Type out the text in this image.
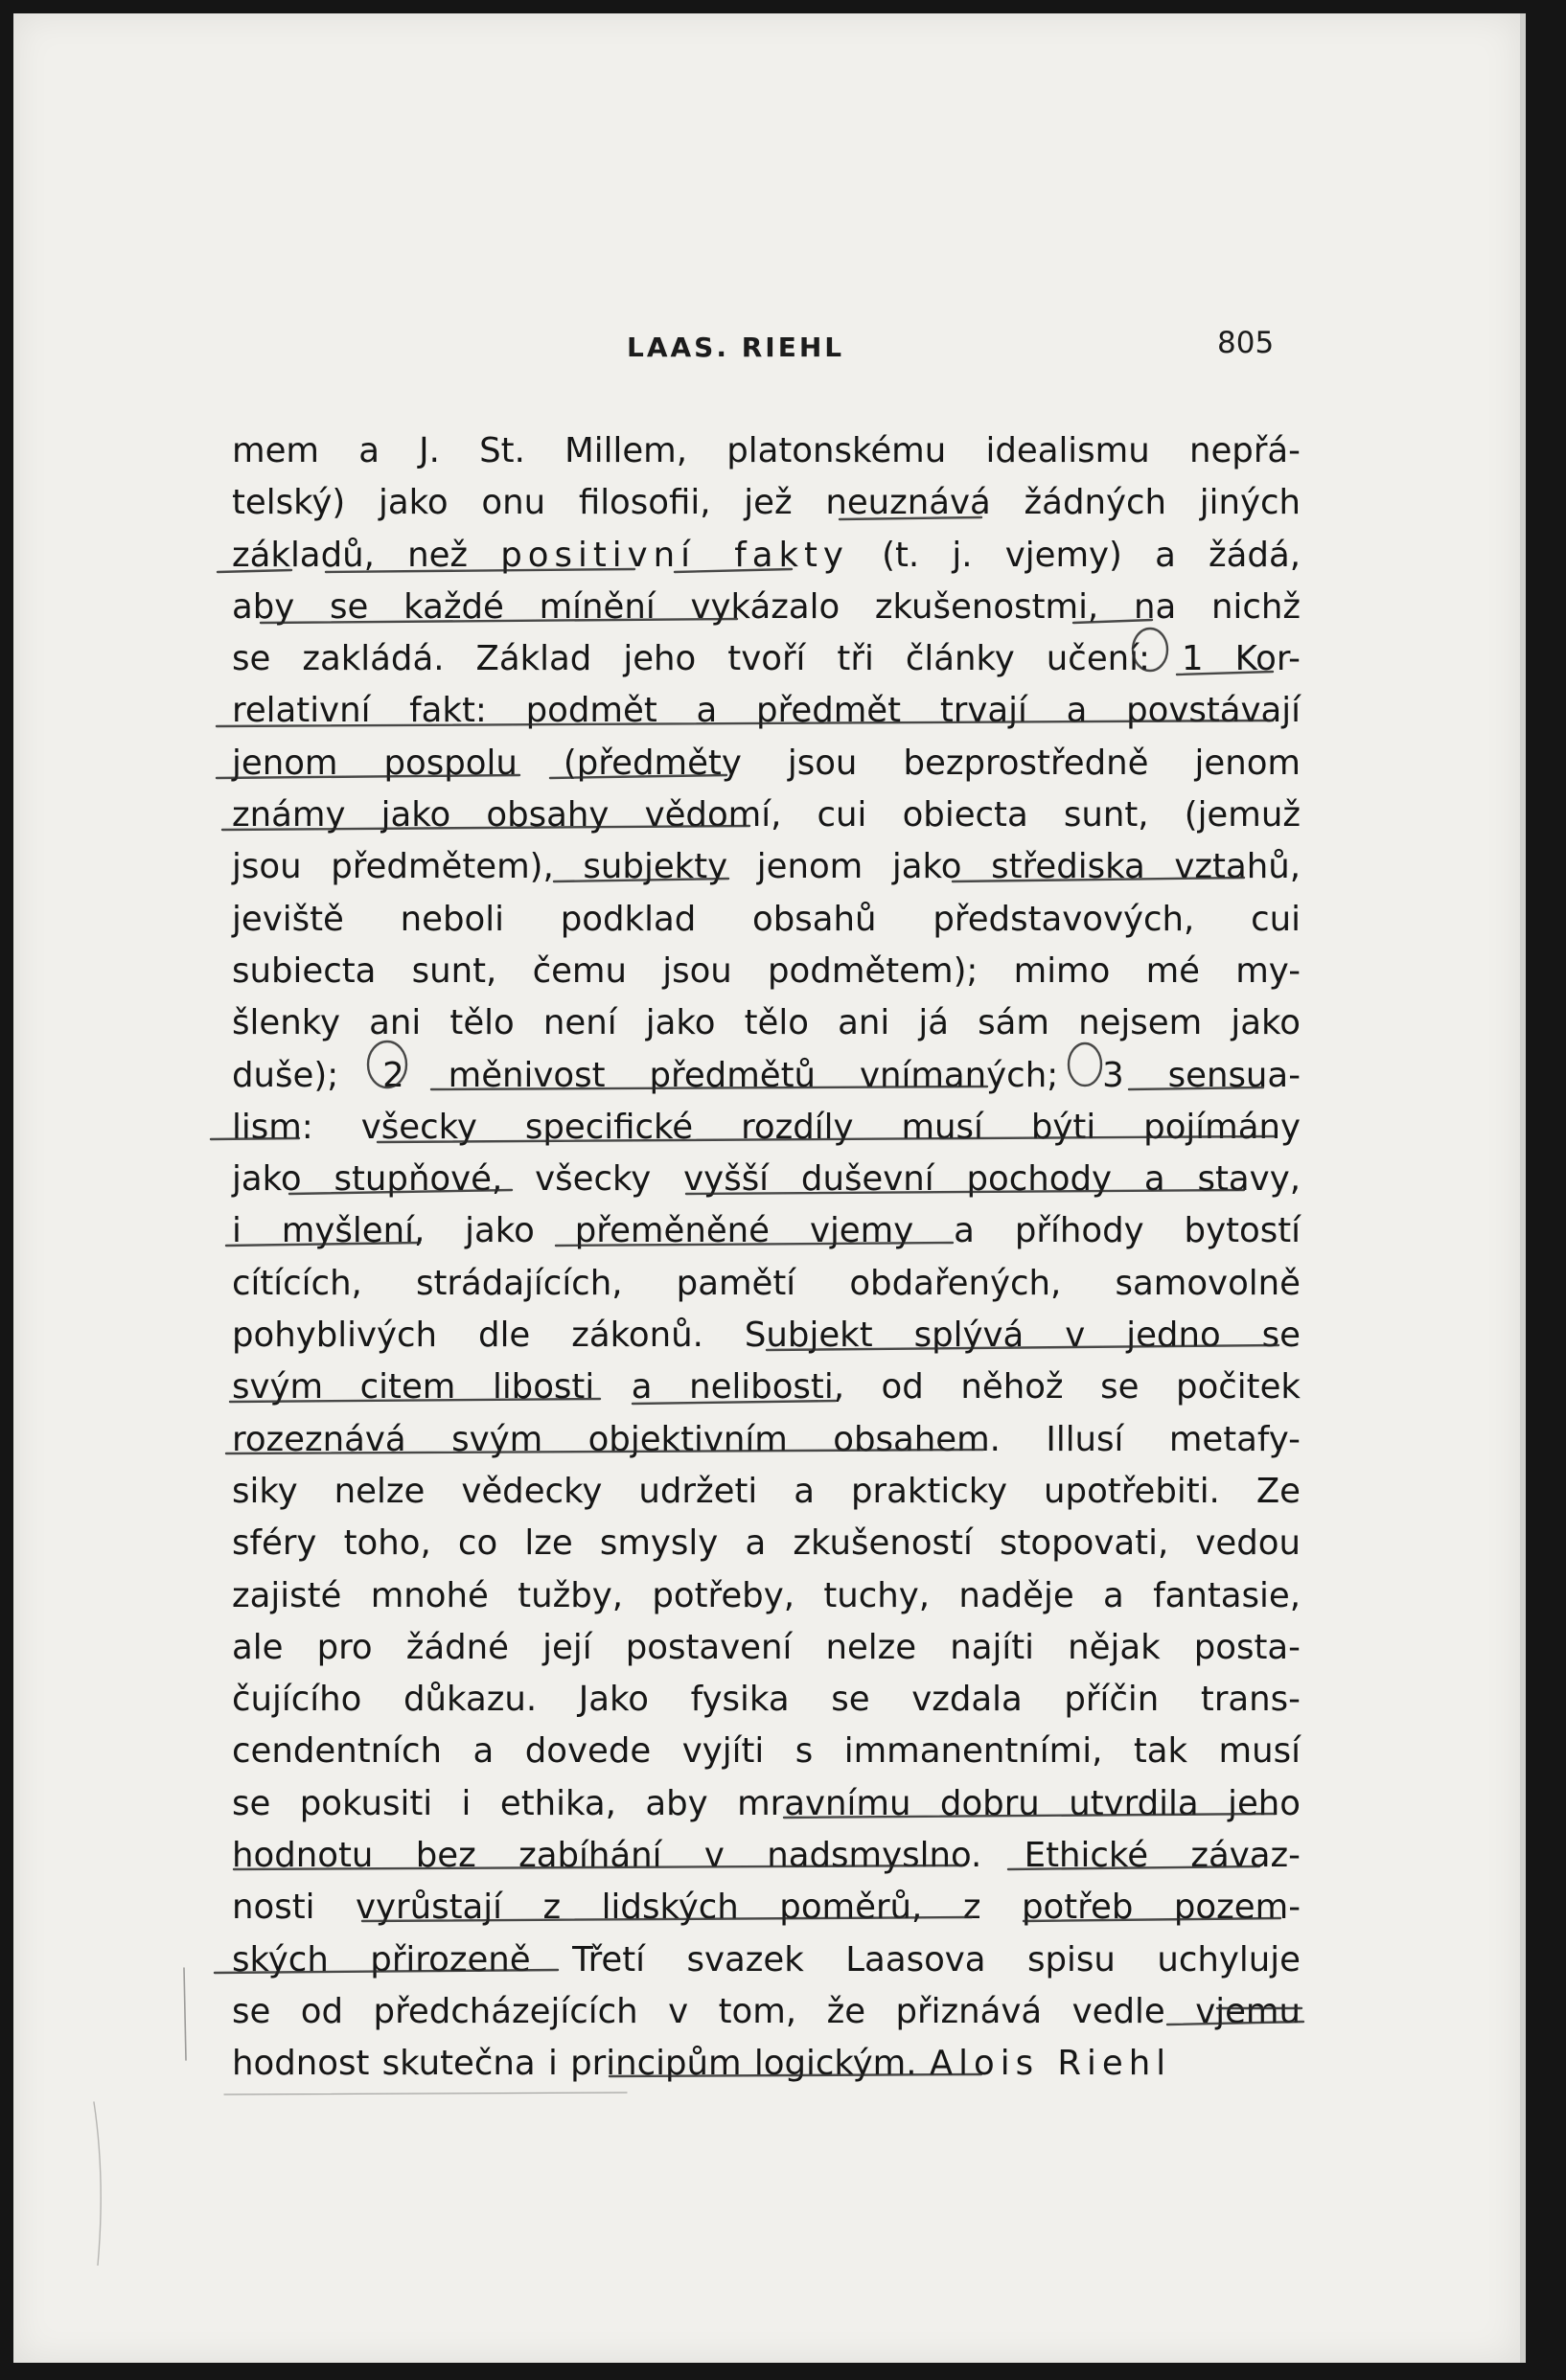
LAAS. RIEHL	805
mem a J. St. Millem, platonskému idealismu nepřá-
telský) jako onu filosofii, jež neuznává žádných jiných
základů, než positivní fakty (t. j. vjemy) a žádá,
aby se každé mínění vykázalo zkušenostmi, na nichž
se zakládá. Základ jeho tvoří tři články učení: 1 Kor-
relativní fakt: podmět a předmět trvají a povstávají
jenom pospolu (předměty jsou bezprostředně jenom
známy jako obsahy vědomí, cui obiecta sunt, (jemuž
jsou předmětem), subjekty jenom jako střediska vztahů,
jeviště neboli podklad obsahů představových, cui
subiecta sunt, čemu jsou podmětem); mimo mé my-
šlenky ani tělo není jako tělo ani já sám nejsem jako
duše); 2 měnivost předmětů vnímaných; 3 sensua-
lism: všecky specifické rozdíly musí býti pojímány
jako stupňové, všecky vyšší duševní pochody a stavy,
i myšlení, jako přeměněné vjemy a příhody bytostí
cítících, strádajících, pamětí obdařených, samovolně
pohyblivých dle zákonů. Subjekt splývá v jedno se
svým citem libosti a nelibosti, od něhož se počitek
rozeznává svým objektivním obsahem. Illusí metafy-
siky nelze vědecky udržeti a prakticky upotřebiti. Ze
sféry toho, co lze smysly a zkušeností stopovati, vedou
zajisté mnohé tužby, potřeby, tuchy, naděje a fantasie,
ale pro žádné její postavení nelze najíti nějak posta-
čujícího důkazu. Jako fysika se vzdala příčin trans-
cendentních a dovede vyjíti s immanentními, tak musí
se pokusiti i ethika, aby mravnímu dobru utvrdila jeho
hodnotu bez zabíhání v nadsmyslno. Ethické závaz-
nosti vyrůstají z lidských poměrů, z potřeb pozem-
ských přirozeně Třetí svazek Laasova spisu uchyluje
se od předcházejících v tom, že přiznává vedle vjemu
hodnost skutečna i principům logickým. Alois Riehl
